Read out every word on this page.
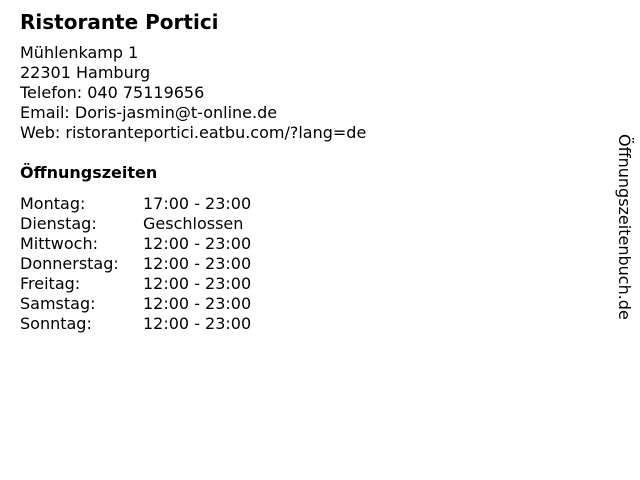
Ristorante Portici
Mühlenkamp 1
22301 Hamburg
Telefon: 040 75119656
Email: Doris-jasmin@t-online.de
Web: ristoranteportici.eatbu.com/?lang=de
Öffnungszeiten
Montag:	17:00 - 23:00
Dienstag:	Geschlossen
Mittwoch:	12:00 - 23:00
Donnerstag: 12:00 - 23:00
Freitag:	12:00 - 23:00
Samstag:	12:00 - 23:00
Sonntag:	12:00 - 23:00
Öffnungszeitenbuch.de
